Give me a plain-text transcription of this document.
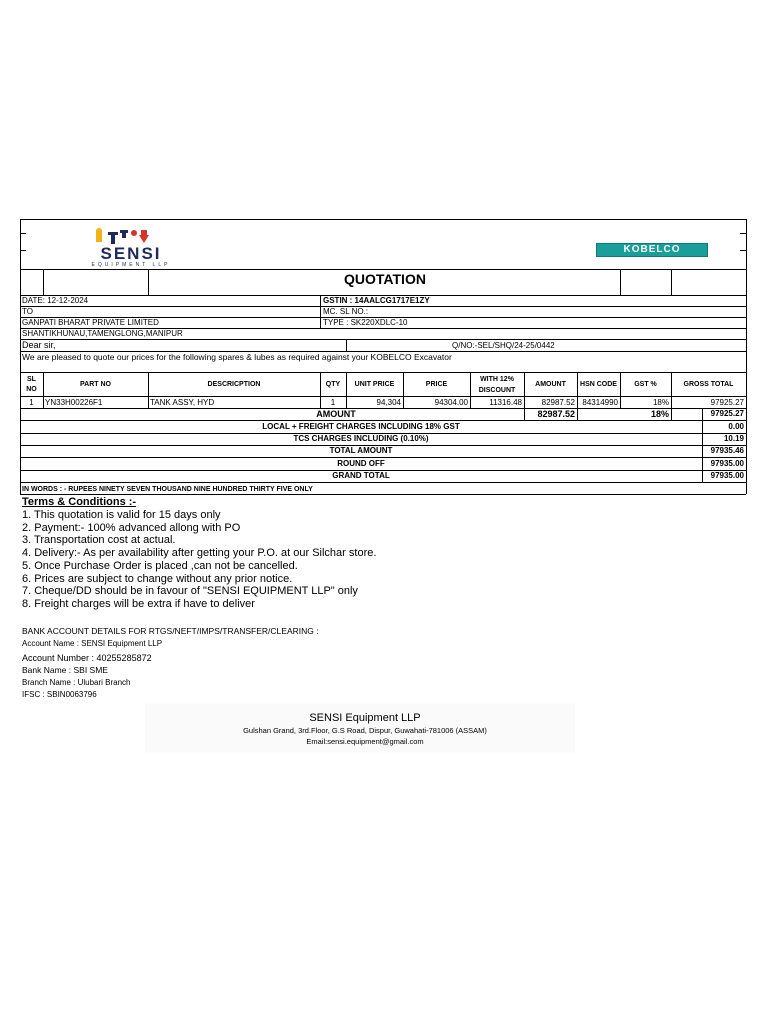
SENSI
EQUIPMENT LLP
KOBELCO
QUOTATION
DATE: 12-12-2024	GSTIN : 14AALCG1717E1ZY
TO	MC. SL NO.:
GANPATI BHARAT PRIVATE LIMITED	TYPE : SK220XDLC-10
SHANTIKHUNAU,TAMENGLONG,MANIPUR
Dear sir,	Q/NO:-SEL/SHQ/24-25/0442
We are pleased to quote our prices for the following spares & lubes as required against your KOBELCO Excavator
SL
NO
PART NO	DESCRICPTION	QTY	UNIT PRICE	PRICE
WITH 12%
DISCOUNT
AMOUNT	HSN CODE	GST %	GROSS TOTAL
1	YN33H00226F1	TANK ASSY, HYD	1	94,304	94304.00	11316.48	82987.52 84314990	18%	97925.27
AMOUNT	82987.52	18%	97925.27
LOCAL + FREIGHT CHARGES INCLUDING 18% GST	0.00
TCS CHARGES INCLUDING (0.10%)	10.19
TOTAL AMOUNT	97935.46
ROUND OFF	97935.00
GRAND TOTAL	97935.00
IN WORDS : - RUPEES NINETY SEVEN THOUSAND NINE HUNDRED THIRTY FIVE ONLY
Terms & Conditions :-
1. This quotation is valid for 15 days only
2. Payment:- 100% advanced allong with PO
3. Transportation cost at actual.
4. Delivery:- As per availability after getting your P.O. at our Silchar store.
5. Once Purchase Order is placed ,can not be cancelled.
6. Prices are subject to change without any prior notice.
7. Cheque/DD should be in favour of "SENSI EQUIPMENT LLP" only
8. Freight charges will be extra if have to deliver
BANK ACCOUNT DETAILS FOR RTGS/NEFT/IMPS/TRANSFER/CLEARING :
Account Name : SENSI Equipment LLP
Account Number : 40255285872
Bank Name : SBI SME
Branch Name : Ulubari Branch
IFSC : SBIN0063796
SENSI Equipment LLP
Gulshan Grand, 3rd.Floor, G.S Road, Dispur, Guwahati-781006 (ASSAM)
Email:sensi.equipment@gmail.com
